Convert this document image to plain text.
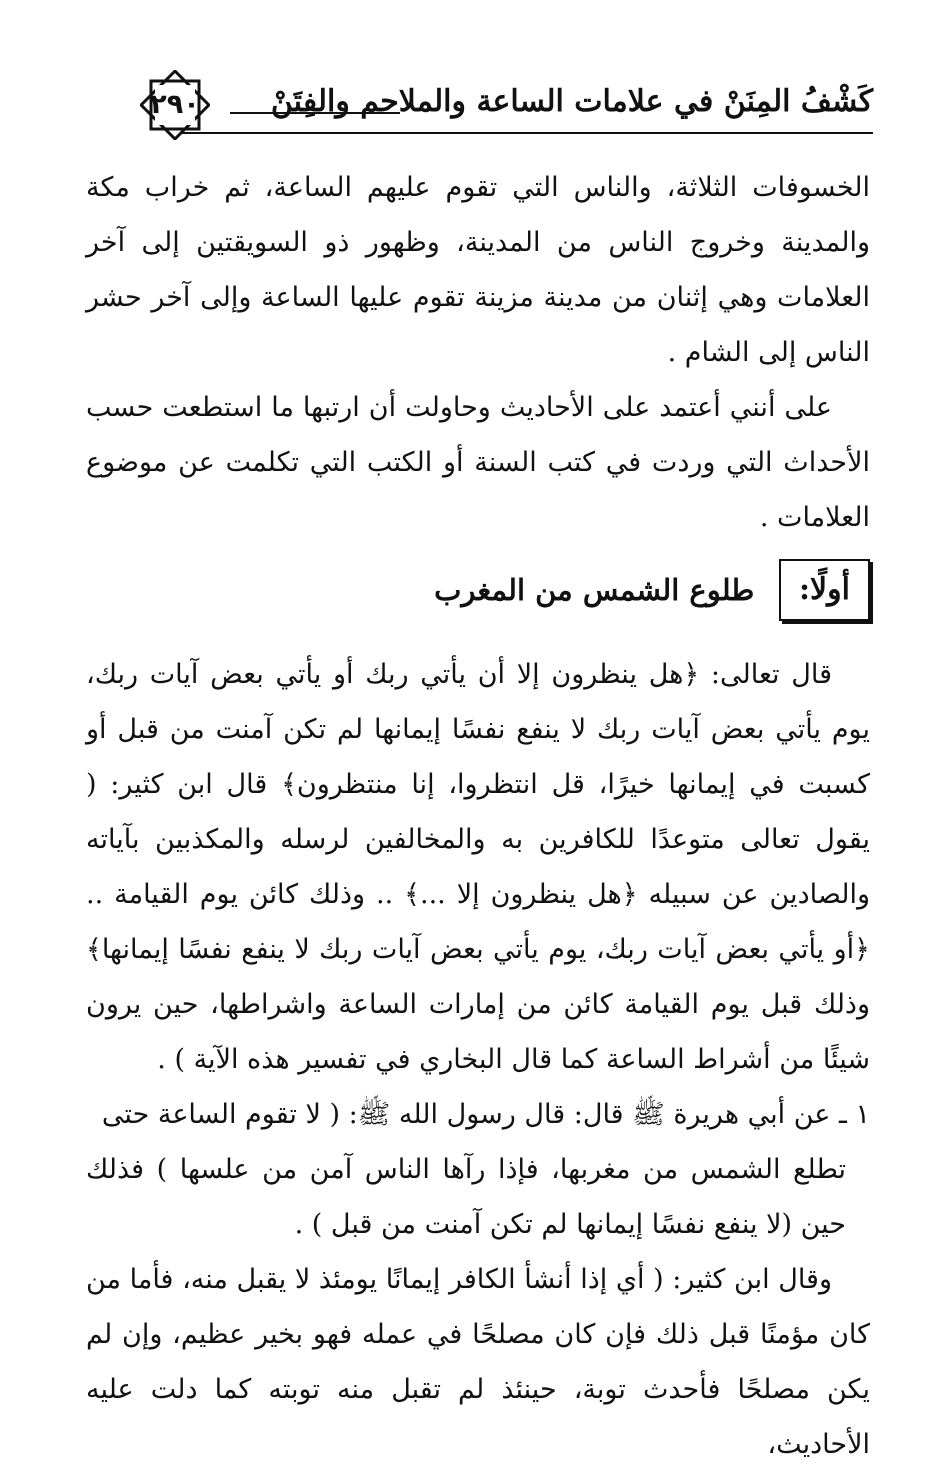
٢٩٠	كَشْفُ المِنَنْ في علامات الساعة والملاحم والفِتَنْ

الخسوفات الثلاثة، والناس التي تقوم عليهم الساعة، ثم خراب مكة والمدينة وخروج الناس من المدينة، وظهور ذو السويقتين إلى آخر العلامات وهي إثنان من مدينة مزينة تقوم عليها الساعة وإلى آخر حشر الناس إلى الشام .

على أنني أعتمد على الأحاديث وحاولت أن ارتبها ما استطعت حسب الأحداث التي وردت في كتب السنة أو الكتب التي تكلمت عن موضوع العلامات .

أولًا: طلوع الشمس من المغرب

قال تعالى: ﴿هل ينظرون إلا أن يأتي ربك أو يأتي بعض آيات ربك، يوم يأتي بعض آيات ربك لا ينفع نفسًا إيمانها لم تكن آمنت من قبل أو كسبت في إيمانها خيرًا، قل انتظروا، إنا منتظرون﴾ قال ابن كثير: ( يقول تعالى متوعدًا للكافرين به والمخالفين لرسله والمكذبين بآياته والصادين عن سبيله ﴿هل ينظرون إلا ...﴾ .. وذلك كائن يوم القيامة .. ﴿أو يأتي بعض آيات ربك، يوم يأتي بعض آيات ربك لا ينفع نفسًا إيمانها﴾ وذلك قبل يوم القيامة كائن من إمارات الساعة واشراطها، حين يرون شيئًا من أشراط الساعة كما قال البخاري في تفسير هذه الآية ) .

١ ـ عن أبي هريرة ﷺ قال: قال رسول الله ﷺ: ( لا تقوم الساعة حتى

تطلع الشمس من مغربها، فإذا رآها الناس آمن من علسها ) فذلك حين (لا ينفع نفسًا إيمانها لم تكن آمنت من قبل ) .

وقال ابن كثير: ( أي إذا أنشأ الكافر إيمانًا يومئذ لا يقبل منه، فأما من كان مؤمنًا قبل ذلك فإن كان مصلحًا في عمله فهو بخير عظيم، وإن لم يكن مصلحًا فأحدث توبة، حينئذ لم تقبل منه توبته كما دلت عليه الأحاديث،
